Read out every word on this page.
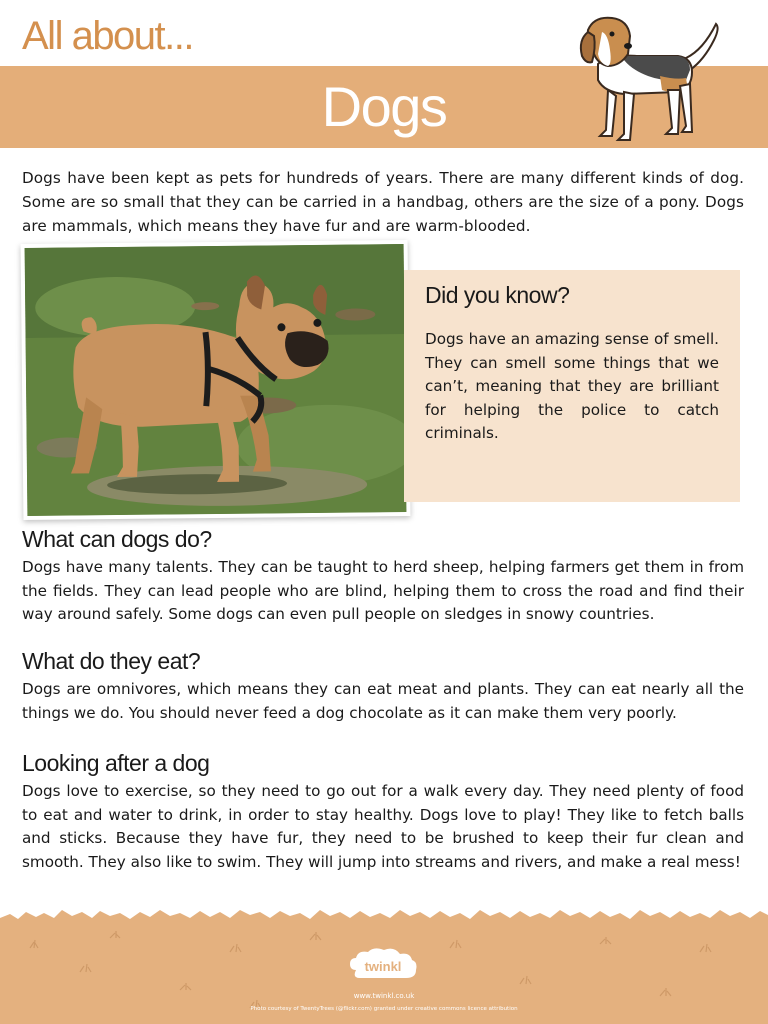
All about...
Dogs
Dogs have been kept as pets for hundreds of years. There are many different kinds of dog. Some are so small that they can be carried in a handbag, others are the size of a pony. Dogs are mammals, which means they have fur and are warm-blooded.
Did you know?
Dogs have an amazing sense of smell. They can smell some things that we can’t, meaning that they are brilliant for helping the police to catch criminals.
What can dogs do?
Dogs have many talents. They can be taught to herd sheep, helping farmers get them in from the fields. They can lead people who are blind, helping them to cross the road and find their way around safely. Some dogs can even pull people on sledges in snowy countries.
What do they eat?
Dogs are omnivores, which means they can eat meat and plants. They can eat nearly all the things we do. You should never feed a dog chocolate as it can make them very poorly.
Looking after a dog
Dogs love to exercise, so they need to go out for a walk every day. They need plenty of food to eat and water to drink, in order to stay healthy. Dogs love to play! They like to fetch balls and sticks. Because they have fur, they need to be brushed to keep their fur clean and smooth. They also like to swim. They will jump into streams and rivers, and make a real mess!
twinkl
www.twinkl.co.uk
Photo courtesy of TwentyTrees (@flickr.com) granted under creative commons licence attribution
